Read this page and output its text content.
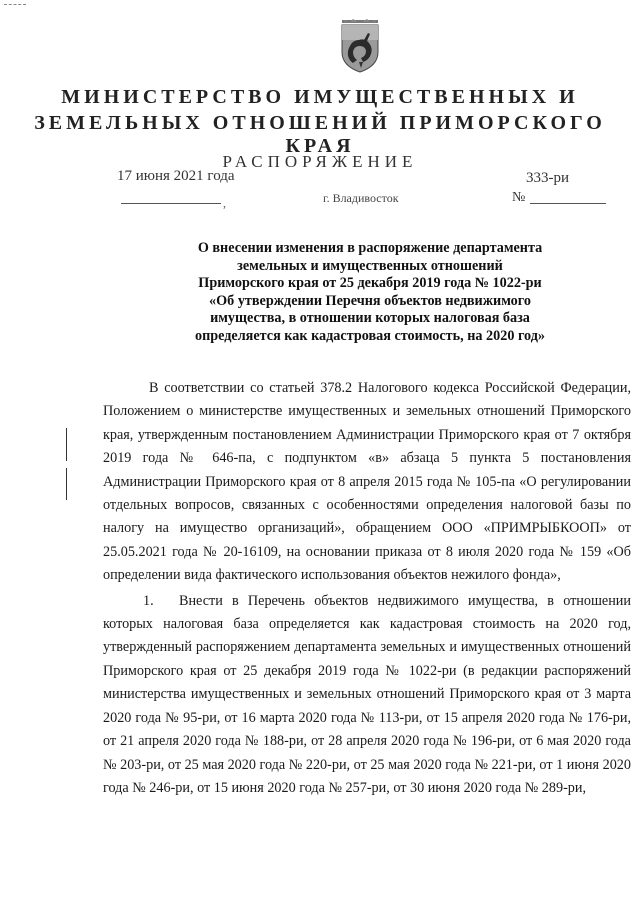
МИНИСТЕРСТВО ИМУЩЕСТВЕННЫХ И
ЗЕМЕЛЬНЫХ ОТНОШЕНИЙ ПРИМОРСКОГО КРАЯ
РАСПОРЯЖЕНИЕ
17 июня 2021 года
,	г. Владивосток
333-ри
№
О внесении изменения в распоряжение департамента
земельных и имущественных отношений
Приморского края от 25 декабря 2019 года № 1022-ри
«Об утверждении Перечня объектов недвижимого
имущества, в отношении которых налоговая база
определяется как кадастровая стоимость, на 2020 год»

В соответствии со статьей 378.2 Налогового кодекса Российской Федерации, Положением о министерстве имущественных и земельных отношений Приморского края, утвержденным постановлением Администрации Приморского края от 7 октября 2019 года № 646-па, с подпунктом «в» абзаца 5 пункта 5 постановления Администрации Приморского края от 8 апреля 2015 года № 105-па «О регулировании отдельных вопросов, связанных с особенностями определения налоговой базы по налогу на имущество организаций», обращением ООО «ПРИМРЫБКООП» от 25.05.2021 года № 20-16109, на основании приказа от 8 июля 2020 года № 159 «Об определении вида фактического использования объектов нежилого фонда»,

1. Внести в Перечень объектов недвижимого имущества, в отношении которых налоговая база определяется как кадастровая стоимость на 2020 год, утвержденный распоряжением департамента земельных и имущественных отношений Приморского края от 25 декабря 2019 года № 1022-ри (в редакции распоряжений министерства имущественных и земельных отношений Приморского края от 3 марта 2020 года № 95-ри, от 16 марта 2020 года № 113-ри, от 15 апреля 2020 года № 176-ри, от 21 апреля 2020 года № 188-ри, от 28 апреля 2020 года № 196-ри, от 6 мая 2020 года № 203-ри, от 25 мая 2020 года № 220-ри, от 25 мая 2020 года № 221-ри, от 1 июня 2020 года № 246-ри, от 15 июня 2020 года № 257-ри, от 30 июня 2020 года № 289-ри,
